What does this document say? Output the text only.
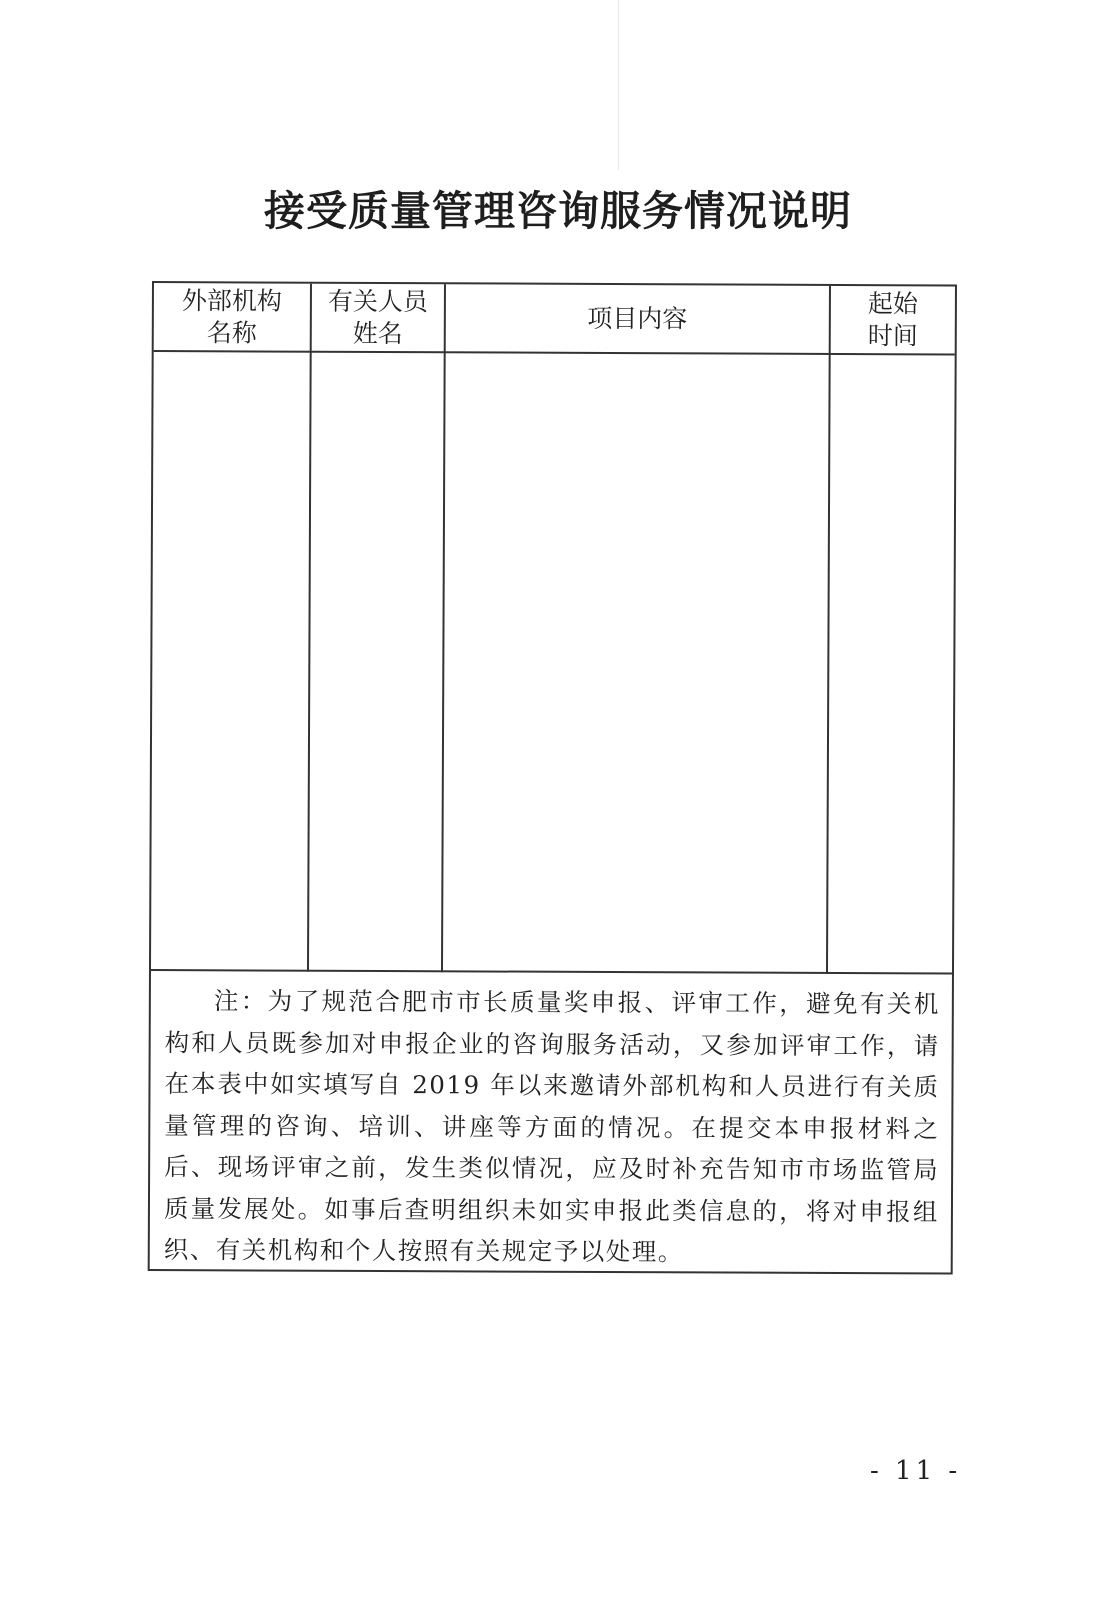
接受质量管理咨询服务情况说明
外部机构
名称
有关人员
姓名
项目内容
起始
时间
注：为了规范合肥市市长质量奖申报、评审工作，避免有关机构和人员既参加对申报企业的咨询服务活动，又参加评审工作，请在本表中如实填写自 2019 年以来邀请外部机构和人员进行有关质量管理的咨询、培训、讲座等方面的情况。在提交本申报材料之后、现场评审之前，发生类似情况，应及时补充告知市市场监管局质量发展处。如事后查明组织未如实申报此类信息的，将对申报组织、有关机构和个人按照有关规定予以处理。
- 11 -
